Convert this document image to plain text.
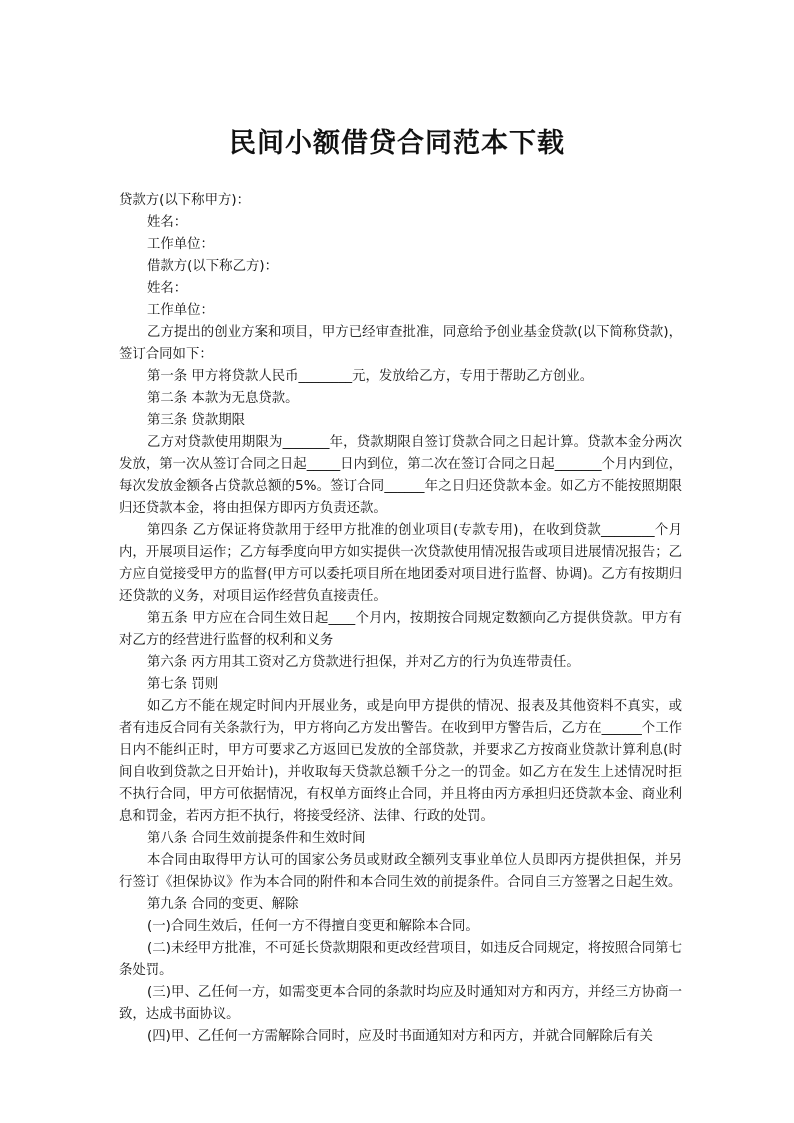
民间小额借贷合同范本下载
贷款方(以下称甲方)：
姓名：
工作单位：
借款方(以下称乙方)：
姓名：
工作单位：
乙方提出的创业方案和项目，甲方已经审查批准，同意给予创业基金贷款(以下简称贷款)，签订合同如下：
第一条 甲方将贷款人民币________元，发放给乙方，专用于帮助乙方创业。
第二条 本款为无息贷款。
第三条 贷款期限
乙方对贷款使用期限为_______年，贷款期限自签订贷款合同之日起计算。贷款本金分两次发放，第一次从签订合同之日起_____日内到位，第二次在签订合同之日起_______个月内到位，每次发放金额各占贷款总额的5%。签订合同______年之日归还贷款本金。如乙方不能按照期限归还贷款本金，将由担保方即丙方负责还款。
第四条 乙方保证将贷款用于经甲方批准的创业项目(专款专用)，在收到贷款________个月内，开展项目运作；乙方每季度向甲方如实提供一次贷款使用情况报告或项目进展情况报告；乙方应自觉接受甲方的监督(甲方可以委托项目所在地团委对项目进行监督、协调)。乙方有按期归还贷款的义务，对项目运作经营负直接责任。
第五条 甲方应在合同生效日起____个月内，按期按合同规定数额向乙方提供贷款。甲方有对乙方的经营进行监督的权利和义务
第六条 丙方用其工资对乙方贷款进行担保，并对乙方的行为负连带责任。
第七条 罚则
如乙方不能在规定时间内开展业务，或是向甲方提供的情况、报表及其他资料不真实，或者有违反合同有关条款行为，甲方将向乙方发出警告。在收到甲方警告后，乙方在______个工作日内不能纠正时，甲方可要求乙方返回已发放的全部贷款，并要求乙方按商业贷款计算利息(时间自收到贷款之日开始计)，并收取每天贷款总额千分之一的罚金。如乙方在发生上述情况时拒不执行合同，甲方可依据情况，有权单方面终止合同，并且将由丙方承担归还贷款本金、商业利息和罚金，若丙方拒不执行，将接受经济、法律、行政的处罚。
第八条 合同生效前提条件和生效时间
本合同由取得甲方认可的国家公务员或财政全额列支事业单位人员即丙方提供担保，并另行签订《担保协议》作为本合同的附件和本合同生效的前提条件。合同自三方签署之日起生效。
第九条 合同的变更、解除
(一)合同生效后，任何一方不得擅自变更和解除本合同。
(二)未经甲方批准，不可延长贷款期限和更改经营项目，如违反合同规定，将按照合同第七条处罚。
(三)甲、乙任何一方，如需变更本合同的条款时均应及时通知对方和丙方，并经三方协商一致，达成书面协议。
(四)甲、乙任何一方需解除合同时，应及时书面通知对方和丙方，并就合同解除后有关
